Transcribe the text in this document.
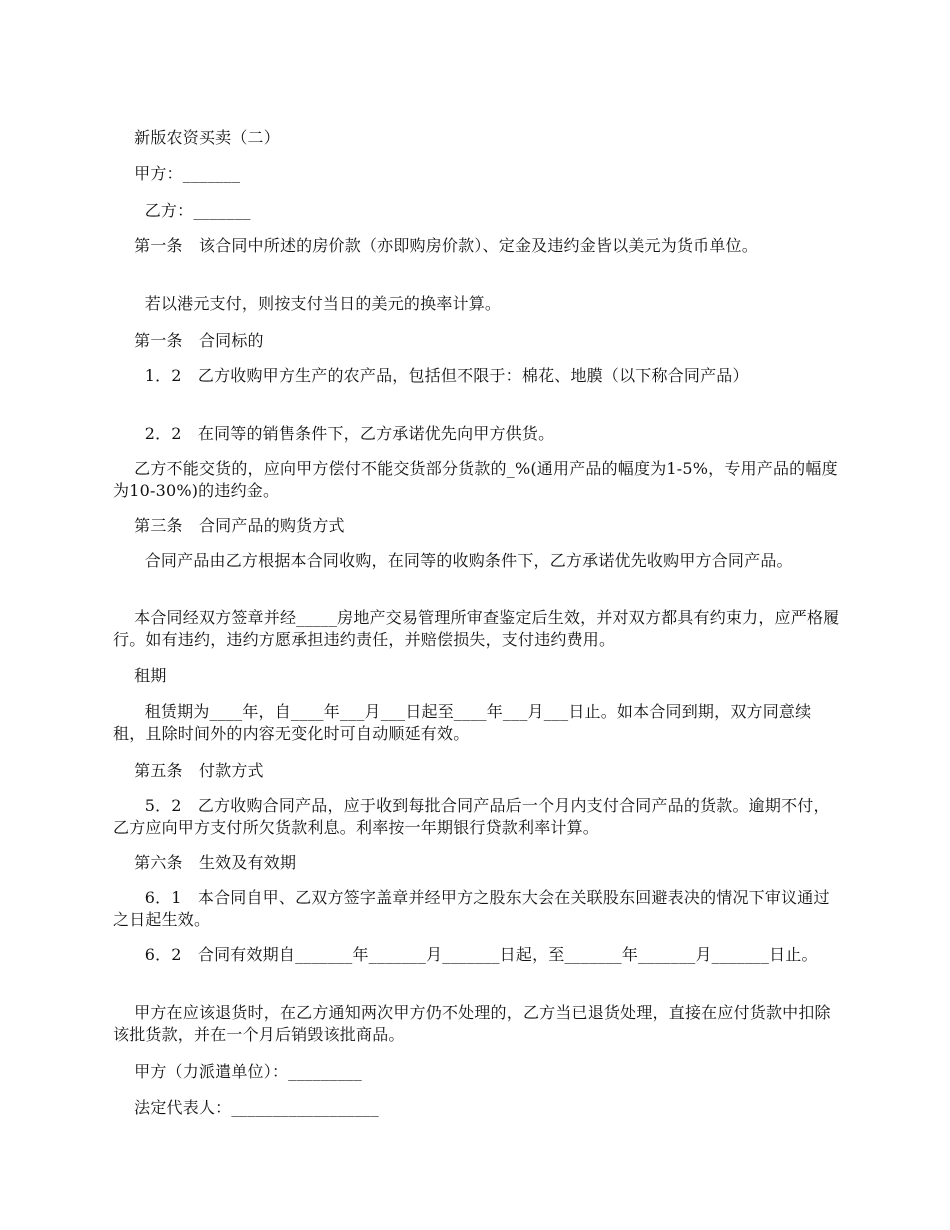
新版农资买卖（二）

甲方：_______

乙方：_______

第一条　该合同中所述的房价款（亦即购房价款）、定金及违约金皆以美元为货币单位。

若以港元支付，则按支付当日的美元的换率计算。

第一条　合同标的

1．2　乙方收购甲方生产的农产品，包括但不限于：棉花、地膜（以下称合同产品）

2．2　在同等的销售条件下，乙方承诺优先向甲方供货。

乙方不能交货的，应向甲方偿付不能交货部分货款的_%(通用产品的幅度为1-5%，专用产品的幅度为10-30%)的违约金。

第三条　合同产品的购货方式

合同产品由乙方根据本合同收购，在同等的收购条件下，乙方承诺优先收购甲方合同产品。

本合同经双方签章并经_____房地产交易管理所审查鉴定后生效，并对双方都具有约束力，应严格履行。如有违约，违约方愿承担违约责任，并赔偿损失，支付违约费用。

租期

租赁期为____年，自____年___月___日起至____年___月___日止。如本合同到期，双方同意续租，且除时间外的内容无变化时可自动顺延有效。

第五条　付款方式

5．2　乙方收购合同产品，应于收到每批合同产品后一个月内支付合同产品的货款。逾期不付，乙方应向甲方支付所欠货款利息。利率按一年期银行贷款利率计算。

第六条　生效及有效期

6．1　本合同自甲、乙双方签字盖章并经甲方之股东大会在关联股东回避表决的情况下审议通过之日起生效。

6．2　合同有效期自_______年_______月_______日起，至_______年_______月_______日止。

甲方在应该退货时，在乙方通知两次甲方仍不处理的，乙方当已退货处理，直接在应付货款中扣除该批货款，并在一个月后销毁该批商品。

甲方（力派遣单位）：_________

法定代表人：__________________
